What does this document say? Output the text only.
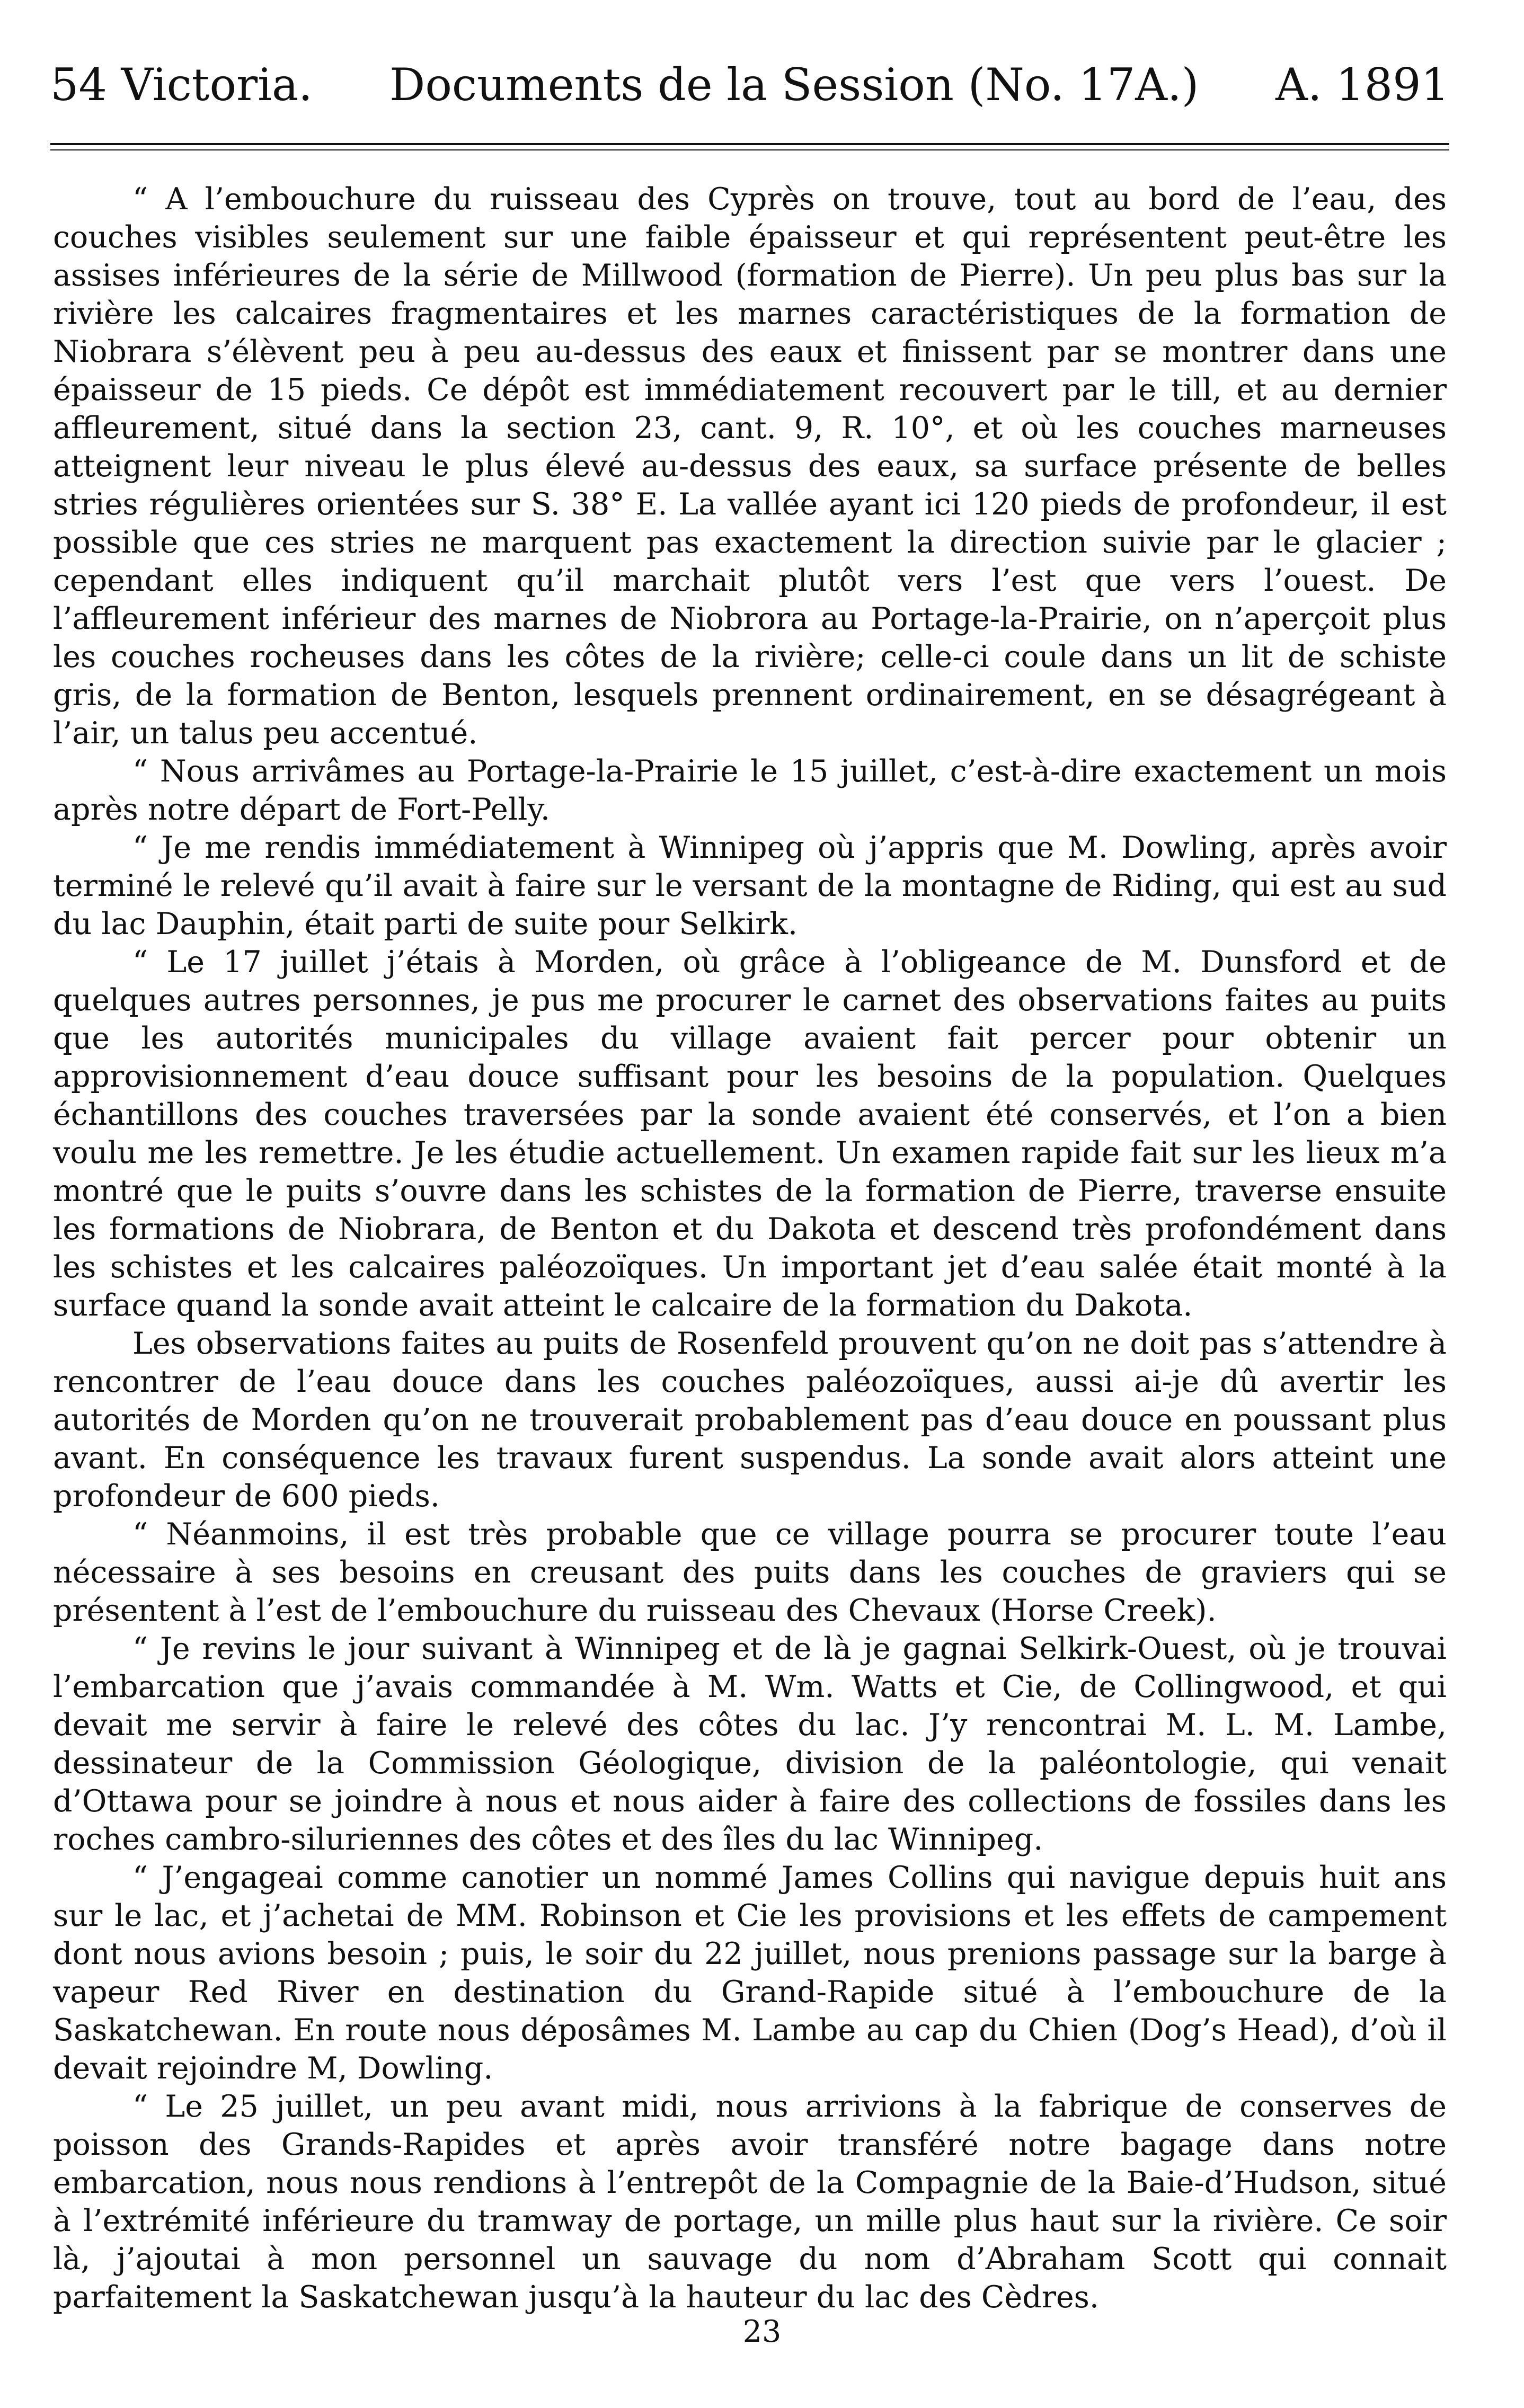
54 Victoria. Documents de la Session (No. 17A.) A. 1891

“ A l’embouchure du ruisseau des Cyprès on trouve, tout au bord de l’eau, des couches visibles seulement sur une faible épaisseur et qui représentent peut-être les assises inférieures de la série de Millwood (formation de Pierre). Un peu plus bas sur la rivière les calcaires fragmentaires et les marnes caractéristiques de la formation de Niobrara s’élèvent peu à peu au-dessus des eaux et finissent par se montrer dans une épaisseur de 15 pieds. Ce dépôt est immédiatement recouvert par le till, et au dernier affleurement, situé dans la section 23, cant. 9, R. 10°, et où les couches marneuses atteignent leur niveau le plus élevé au-dessus des eaux, sa surface présente de belles stries régulières orientées sur S. 38° E. La vallée ayant ici 120 pieds de profondeur, il est possible que ces stries ne marquent pas exactement la direction suivie par le glacier ; cependant elles indiquent qu’il marchait plutôt vers l’est que vers l’ouest. De l’affleurement inférieur des marnes de Niobrora au Portage-la-Prairie, on n’aperçoit plus les couches rocheuses dans les côtes de la rivière; celle-ci coule dans un lit de schiste gris, de la formation de Benton, lesquels prennent ordinairement, en se désagrégeant à l’air, un talus peu accentué.

“ Nous arrivâmes au Portage-la-Prairie le 15 juillet, c’est-à-dire exactement un mois après notre départ de Fort-Pelly.

“ Je me rendis immédiatement à Winnipeg où j’appris que M. Dowling, après avoir terminé le relevé qu’il avait à faire sur le versant de la montagne de Riding, qui est au sud du lac Dauphin, était parti de suite pour Selkirk.

“ Le 17 juillet j’étais à Morden, où grâce à l’obligeance de M. Dunsford et de quelques autres personnes, je pus me procurer le carnet des observations faites au puits que les autorités municipales du village avaient fait percer pour obtenir un approvisionnement d’eau douce suffisant pour les besoins de la population. Quelques échantillons des couches traversées par la sonde avaient été conservés, et l’on a bien voulu me les remettre. Je les étudie actuellement. Un examen rapide fait sur les lieux m’a montré que le puits s’ouvre dans les schistes de la formation de Pierre, traverse ensuite les formations de Niobrara, de Benton et du Dakota et descend très profondément dans les schistes et les calcaires paléozoïques. Un important jet d’eau salée était monté à la surface quand la sonde avait atteint le calcaire de la formation du Dakota.

Les observations faites au puits de Rosenfeld prouvent qu’on ne doit pas s’attendre à rencontrer de l’eau douce dans les couches paléozoïques, aussi ai-je dû avertir les autorités de Morden qu’on ne trouverait probablement pas d’eau douce en poussant plus avant. En conséquence les travaux furent suspendus. La sonde avait alors atteint une profondeur de 600 pieds.

“ Néanmoins, il est très probable que ce village pourra se procurer toute l’eau nécessaire à ses besoins en creusant des puits dans les couches de graviers qui se présentent à l’est de l’embouchure du ruisseau des Chevaux (Horse Creek).

“ Je revins le jour suivant à Winnipeg et de là je gagnai Selkirk-Ouest, où je trouvai l’embarcation que j’avais commandée à M. Wm. Watts et Cie, de Collingwood, et qui devait me servir à faire le relevé des côtes du lac. J’y rencontrai M. L. M. Lambe, dessinateur de la Commission Géologique, division de la paléontologie, qui venait d’Ottawa pour se joindre à nous et nous aider à faire des collections de fossiles dans les roches cambro-siluriennes des côtes et des îles du lac Winnipeg.

“ J’engageai comme canotier un nommé James Collins qui navigue depuis huit ans sur le lac, et j’achetai de MM. Robinson et Cie les provisions et les effets de campement dont nous avions besoin ; puis, le soir du 22 juillet, nous prenions passage sur la barge à vapeur Red River en destination du Grand-Rapide situé à l’embouchure de la Saskatchewan. En route nous déposâmes M. Lambe au cap du Chien (Dog’s Head), d’où il devait rejoindre M, Dowling.

“ Le 25 juillet, un peu avant midi, nous arrivions à la fabrique de conserves de poisson des Grands-Rapides et après avoir transféré notre bagage dans notre embarcation, nous nous rendions à l’entrepôt de la Compagnie de la Baie-d’Hudson, situé à l’extrémité inférieure du tramway de portage, un mille plus haut sur la rivière. Ce soir là, j’ajoutai à mon personnel un sauvage du nom d’Abraham Scott qui connait parfaitement la Saskatchewan jusqu’à la hauteur du lac des Cèdres.

23
